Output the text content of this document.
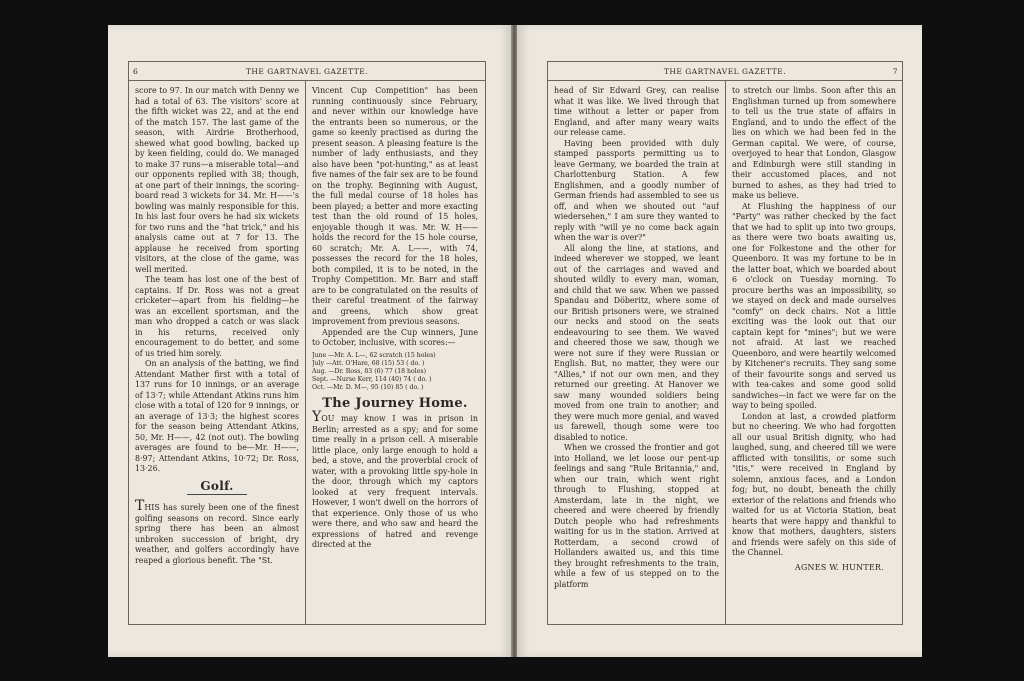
6	THE GARTNAVEL GAZETTE.

score to 97. In our match with Denny we had a total of 63. The visitors' score at the fifth wicket was 22, and at the end of the match 157. The last game of the season, with Airdrie Brotherhood, shewed what good bowling, backed up by keen fielding, could do. We managed to make 37 runs—a miserable total—and our opponents replied with 38; though, at one part of their innings, the scoring-board read 3 wickets for 34. Mr. H——'s bowling was mainly responsible for this. In his last four overs he had six wickets for two runs and the "hat trick," and his analysis came out at 7 for 13. The applause he received from sporting visitors, at the close of the game, was well merited.

The team has lost one of the best of captains. If Dr. Ross was not a great cricketer—apart from his fielding—he was an excellent sportsman, and the man who dropped a catch or was slack in his returns, received only encouragement to do better, and some of us tried him sorely.

On an analysis of the batting, we find Attendant Mather first with a total of 137 runs for 10 innings, or an average of 13·7; while Attendant Atkins runs him close with a total of 120 for 9 innings, or an average of 13·3; the highest scores for the season being Attendant Atkins, 50, Mr. H——, 42 (not out). The bowling averages are found to be—Mr. H——, 8·97; Attendant Atkins, 10·72; Dr. Ross, 13·26.

Golf.

THIS has surely been one of the finest golfing seasons on record. Since early spring there has been an almost unbroken succession of bright, dry weather, and golfers accordingly have reaped a glorious benefit. The "St.

Vincent Cup Competition" has been running continuously since February, and never within our knowledge have the entrants been so numerous, or the game so keenly practised as during the present season. A pleasing feature is the number of lady enthusiasts, and they also have been "pot-hunting," as at least five names of the fair sex are to be found on the trophy. Beginning with August, the full medal course of 18 holes has been played; a better and more exacting test than the old round of 15 holes, enjoyable though it was. Mr. W. H—— holds the record for the 15 hole course, 60 scratch; Mr. A. L——, with 74, possesses the record for the 18 holes, both compiled, it is to be noted, in the Trophy Competition. Mr. Barr and staff are to be congratulated on the results of their careful treatment of the fairway and greens, which show great improvement from previous seasons.

Appended are the Cup winners, June to October, inclusive, with scores:—

June —Mr. A. L—, 62 scratch (15 holes)
July —Att. O'Hare, 68 (15) 53 ( do. )
Aug. —Dr. Ross, 83 (6) 77 (18 holes)
Sept. —Nurse Kerr, 114 (40) 74 ( do. )
Oct. —Mr. D. M—, 95 (10) 85 ( do. )
The Journey Home.

YOU may know I was in prison in Berlin; arrested as a spy; and for some time really in a prison cell. A miserable little place, only large enough to hold a bed, a stove, and the proverbial crock of water, with a provoking little spy-hole in the door, through which my captors looked at very frequent intervals. However, I won't dwell on the horrors of that experience. Only those of us who were there, and who saw and heard the expressions of hatred and revenge directed at the

THE GARTNAVEL GAZETTE.	7

head of Sir Edward Grey, can realise what it was like. We lived through that time without a letter or paper from England, and after many weary waits our release came.

Having been provided with duly stamped passports permitting us to leave Germany, we boarded the train at Charlottenburg Station. A few Englishmen, and a goodly number of German friends had assembled to see us off, and when we shouted out "auf wiedersehen," I am sure they wanted to reply with "will ye no come back again when the war is over?"

All along the line, at stations, and indeed wherever we stopped, we leant out of the carriages and waved and shouted wildly to every man, woman, and child that we saw. When we passed Spandau and Döberitz, where some of our British prisoners were, we strained our necks and stood on the seats endeavouring to see them. We waved and cheered those we saw, though we were not sure if they were Russian or English. But, no matter, they were our "Allies," if not our own men, and they returned our greeting. At Hanover we saw many wounded soldiers being moved from one train to another; and they were much more genial, and waved us farewell, though some were too disabled to notice.

When we crossed the frontier and got into Holland, we let loose our pent-up feelings and sang "Rule Britannia," and, when our train, which went right through to Flushing, stopped at Amsterdam, late in the night, we cheered and were cheered by friendly Dutch people who had refreshments waiting for us in the station. Arrived at Rotterdam, a second crowd of Hollanders awaited us, and this time they brought refreshments to the train, while a few of us stepped on to the platform

to stretch our limbs. Soon after this an Englishman turned up from somewhere to tell us the true state of affairs in England, and to undo the effect of the lies on which we had been fed in the German capital. We were, of course, overjoyed to hear that London, Glasgow and Edinburgh were still standing in their accustomed places, and not burned to ashes, as they had tried to make us believe.

At Flushing the happiness of our "Party" was rather checked by the fact that we had to split up into two groups, as there were two boats awaiting us, one for Folkestone and the other for Queenboro. It was my fortune to be in the latter boat, which we boarded about 6 o'clock on Tuesday morning. To procure berths was an impossibility, so we stayed on deck and made ourselves "comfy" on deck chairs. Not a little exciting was the look out that our captain kept for "mines"; but we were not afraid. At last we reached Queenboro, and were heartily welcomed by Kitchener's recruits. They sang some of their favourite songs and served us with tea-cakes and some good solid sandwiches—in fact we were far on the way to being spoiled.

London at last, a crowded platform but no cheering. We who had forgotten all our usual British dignity, who had laughed, sung, and cheered till we were afflicted with tonsilitis, or some such "itis," were received in England by solemn, anxious faces, and a London fog; but, no doubt, beneath the chilly exterior of the relations and friends who waited for us at Victoria Station, beat hearts that were happy and thankful to know that mothers, daughters, sisters and friends were safely on this side of the Channel.

AGNES W. HUNTER.
